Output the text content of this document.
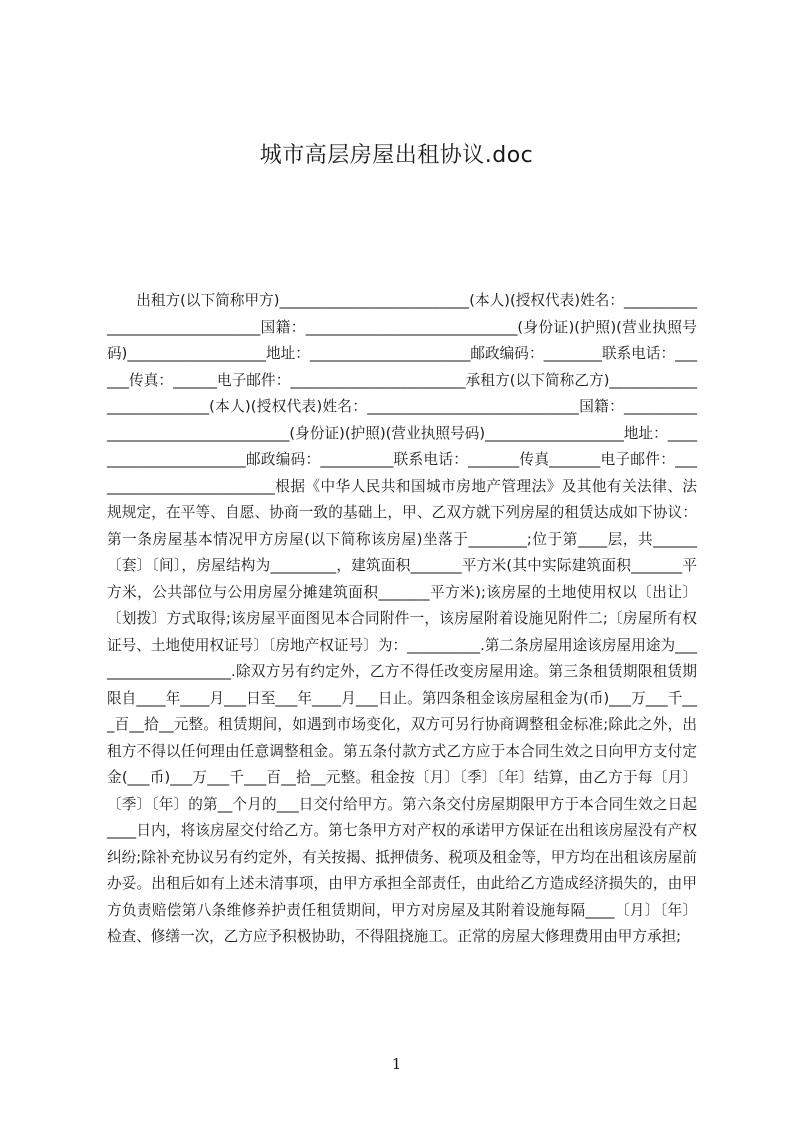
城市高层房屋出租协议.doc

出租方(以下简称甲方)__________________________(本人)(授权代表)姓名：_______________________________国籍：_____________________________(身份证)(护照)(营业执照号码)___________________地址：______________________邮政编码：________联系电话：______传真：______电子邮件：________________________承租方(以下简称乙方)__________________________(本人)(授权代表)姓名：_____________________________国籍：___________________________________(身份证)(护照)(营业执照号码)___________________地址：_______________________邮政编码：__________联系电话：_______传真_______电子邮件：__________________________根据《中华人民共和国城市房地产管理法》及其他有关法律、法规规定，在平等、自愿、协商一致的基础上，甲、乙双方就下列房屋的租赁达成如下协议：第一条房屋基本情况甲方房屋(以下简称该房屋)坐落于________;位于第____层，共______〔套〕〔间〕，房屋结构为_________，建筑面积_______平方米(其中实际建筑面积_______平方米，公共部位与公用房屋分摊建筑面积_______平方米);该房屋的土地使用权以〔出让〕〔划拨〕方式取得;该房屋平面图见本合同附件一，该房屋附着设施见附件二;〔房屋所有权证号、土地使用权证号〕〔房地产权证号〕为：__________.第二条房屋用途该房屋用途为____________________.除双方另有约定外，乙方不得任改变房屋用途。第三条租赁期限租赁期限自____年____月___日至___年____月___日止。第四条租金该房屋租金为(币)___万___千___百__拾__元整。租赁期间，如遇到市场变化，双方可另行协商调整租金标准;除此之外，出租方不得以任何理由任意调整租金。第五条付款方式乙方应于本合同生效之日向甲方支付定金(___币)___万___千___百__拾__元整。租金按〔月〕〔季〕〔年〕结算，由乙方于每〔月〕〔季〕〔年〕的第__个月的___日交付给甲方。第六条交付房屋期限甲方于本合同生效之日起____日内，将该房屋交付给乙方。第七条甲方对产权的承诺甲方保证在出租该房屋没有产权纠纷;除补充协议另有约定外，有关按揭、抵押债务、税项及租金等，甲方均在出租该房屋前办妥。出租后如有上述未清事项，由甲方承担全部责任，由此给乙方造成经济损失的，由甲方负责赔偿第八条维修养护责任租赁期间，甲方对房屋及其附着设施每隔____〔月〕〔年〕检查、修缮一次，乙方应予积极协助，不得阻挠施工。正常的房屋大修理费用由甲方承担;

1
